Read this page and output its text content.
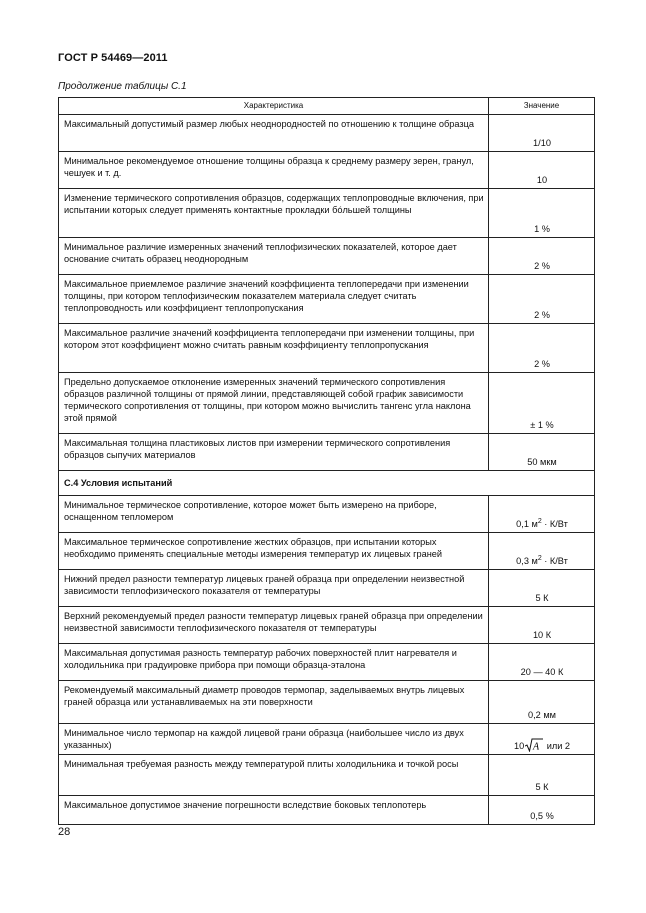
ГОСТ Р 54469—2011
Продолжение таблицы С.1
Характеристика	Значение
Максимальный допустимый размер любых неоднородностей по отношению к толщине образца	1/10
Минимальное рекомендуемое отношение толщины образца к среднему размеру зерен, гранул, чешуек и т. д.	10
Изменение термического сопротивления образцов, содержащих теплопроводные включения, при испытании которых следует применять контактные прокладки бóльшей толщины	1 %
Минимальное различие измеренных значений теплофизических показателей, которое дает основание считать образец неоднородным	2 %
Максимальное приемлемое различие значений коэффициента теплопередачи при изменении толщины, при котором теплофизическим показателем материала следует считать теплопроводность или коэффициент теплопропускания	2 %
Максимальное различие значений коэффициента теплопередачи при изменении толщины, при котором этот коэффициент можно считать равным коэффициенту теплопропускания	2 %
Предельно допускаемое отклонение измеренных значений термического сопротивления образцов различной толщины от прямой линии, представляющей собой график зависимости термического сопротивления от толщины, при котором можно вычислить тангенс угла наклона этой прямой	± 1 %
Максимальная толщина пластиковых листов при измерении термического сопротивления образцов сыпучих материалов	50 мкм
С.4 Условия испытаний	
Минимальное термическое сопротивление, которое может быть измерено на приборе, оснащенном тепломером	0,1 $м^2 \cdot К/Вт$
Максимальное термическое сопротивление жестких образцов, при испытании которых необходимо применять специальные методы измерения температур их лицевых граней	0,3 $м^2 \cdot К/Вт$
Нижний предел разности температур лицевых граней образца при определении неизвестной зависимости теплофизического показателя от температуры	5 К
Верхний рекомендуемый предел разности температур лицевых граней образца при определении неизвестной зависимости теплофизического показателя от температуры	10 К
Максимальная допустимая разность температур рабочих поверхностей плит нагревателя и холодильника при градуировке прибора при помощи образца-эталона	20 — 40 К
Рекомендуемый максимальный диаметр проводов термопар, заделываемых внутрь лицевых граней образца или устанавливаемых на эти поверхности	0,2 мм
Минимальное число термопар на каждой лицевой грани образца (наибольшее число из двух указанных)	10 A или 2
Минимальная требуемая разность между температурой плиты холодильника и точкой росы	5 К
Максимальное допустимое значение погрешности вследствие боковых теплопотерь	0,5 %
28
